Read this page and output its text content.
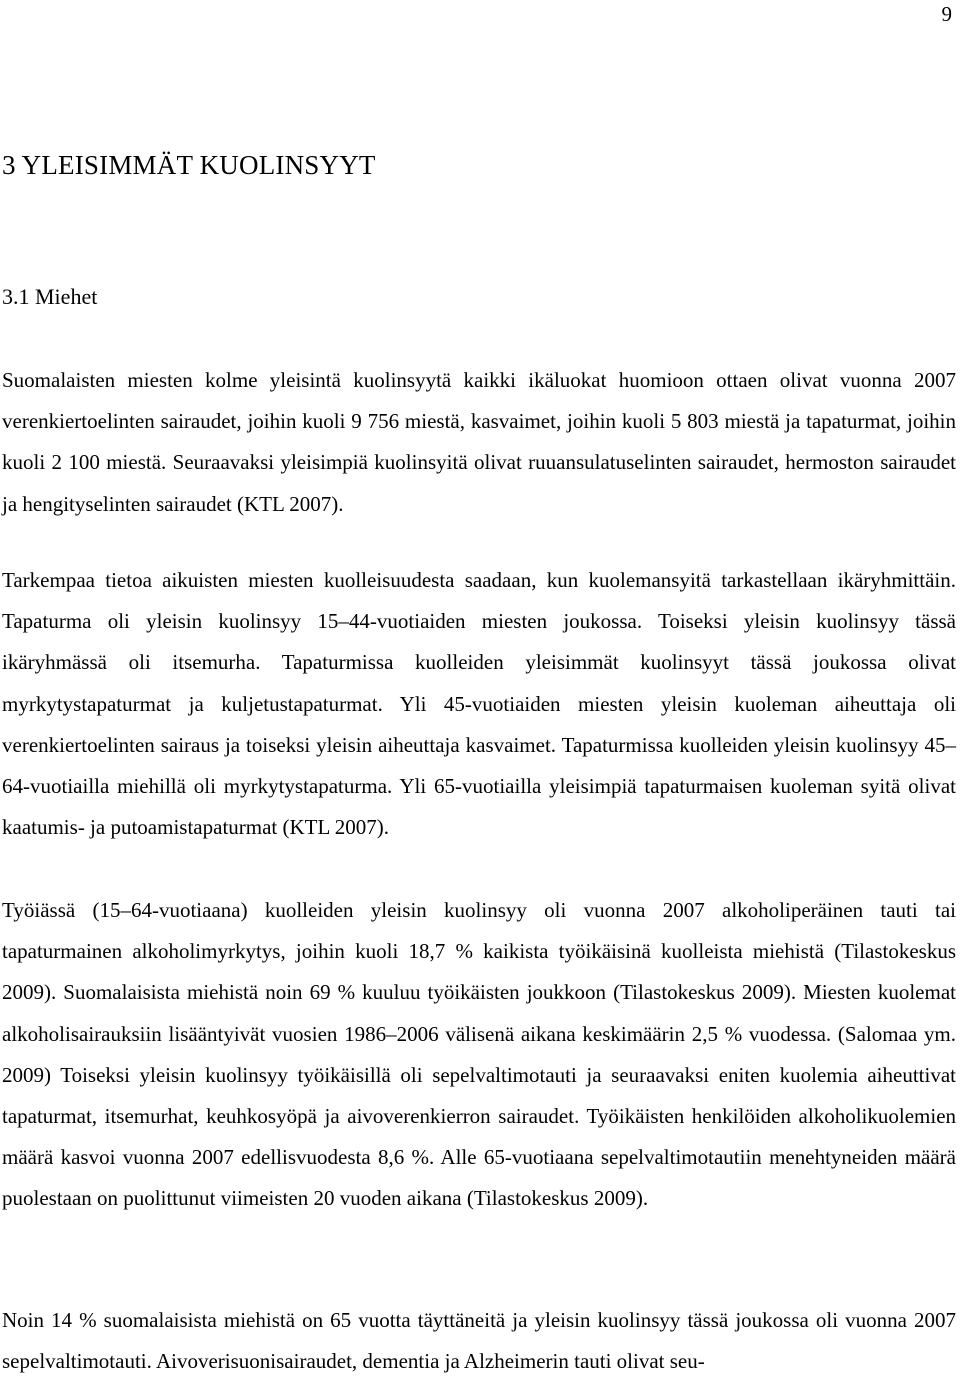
9
3 YLEISIMMÄT KUOLINSYYT
3.1 Miehet

Suomalaisten miesten kolme yleisintä kuolinsyytä kaikki ikäluokat huomioon ottaen olivat vuonna 2007 verenkiertoelinten sairaudet, joihin kuoli 9 756 miestä, kasvaimet, joihin kuoli 5 803 miestä ja tapaturmat, joihin kuoli 2 100 miestä. Seuraavaksi yleisimpiä kuolinsyitä olivat ruuansulatuselinten sairaudet, hermoston sairaudet ja hengityselinten sairaudet (KTL 2007).

Tarkempaa tietoa aikuisten miesten kuolleisuudesta saadaan, kun kuolemansyitä tarkastellaan ikäryhmittäin. Tapaturma oli yleisin kuolinsyy 15–44-vuotiaiden miesten joukossa. Toiseksi yleisin kuolinsyy tässä ikäryhmässä oli itsemurha. Tapaturmissa kuolleiden yleisimmät kuolinsyyt tässä joukossa olivat myrkytystapaturmat ja kuljetustapaturmat. Yli 45-vuotiaiden miesten yleisin kuoleman aiheuttaja oli verenkiertoelinten sairaus ja toiseksi yleisin aiheuttaja kasvaimet. Tapaturmissa kuolleiden yleisin kuolinsyy 45–64-vuotiailla miehillä oli myrkytystapaturma. Yli 65-vuotiailla yleisimpiä tapaturmaisen kuoleman syitä olivat kaatumis- ja putoamistapaturmat (KTL 2007).

Työiässä (15–64-vuotiaana) kuolleiden yleisin kuolinsyy oli vuonna 2007 alkoholiperäinen tauti tai tapaturmainen alkoholimyrkytys, joihin kuoli 18,7 % kaikista työikäisinä kuolleista miehistä (Tilastokeskus 2009). Suomalaisista miehistä noin 69 % kuuluu työikäisten joukkoon (Tilastokeskus 2009). Miesten kuolemat alkoholisairauksiin lisääntyivät vuosien 1986–2006 välisenä aikana keskimäärin 2,5 % vuodessa. (Salomaa ym. 2009) Toiseksi yleisin kuolinsyy työikäisillä oli sepelvaltimotauti ja seuraavaksi eniten kuolemia aiheuttivat tapaturmat, itsemurhat, keuhkosyöpä ja aivoverenkierron sairaudet. Työikäisten henkilöiden alkoholikuolemien määrä kasvoi vuonna 2007 edellisvuodesta 8,6 %. Alle 65-vuotiaana sepelvaltimotautiin menehtyneiden määrä puolestaan on puolittunut viimeisten 20 vuoden aikana (Tilastokeskus 2009).

Noin 14 % suomalaisista miehistä on 65 vuotta täyttäneitä ja yleisin kuolinsyy tässä joukossa oli vuonna 2007 sepelvaltimotauti. Aivoverisuonisairaudet, dementia ja Alzheimerin tauti olivat seu-
